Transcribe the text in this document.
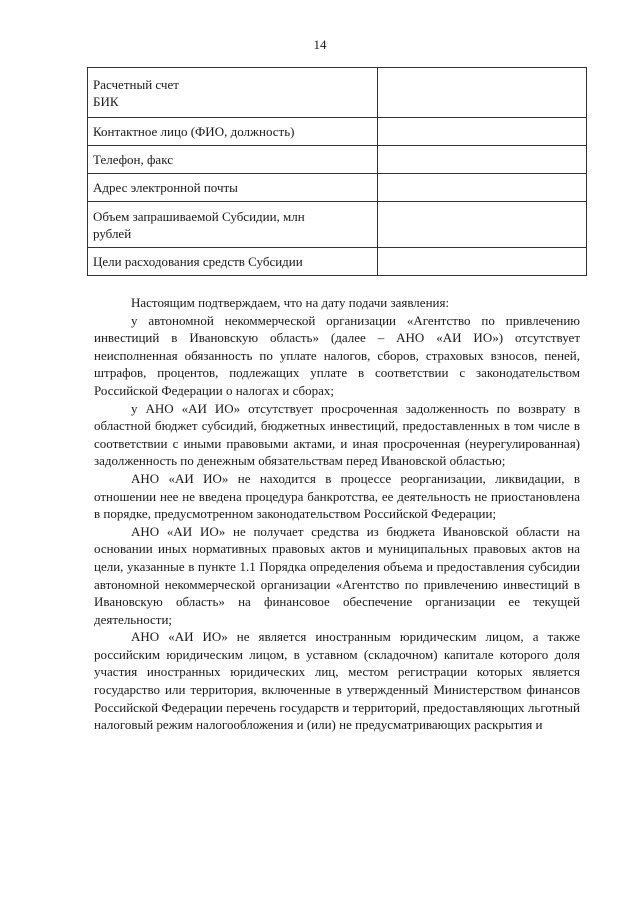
14
Расчетный счет
БИК	

Контактное лицо (ФИО, должность)	

Телефон, факс	

Адрес электронной почты	

Объем запрашиваемой Субсидии, млн
рублей	

Цели расходования средств Субсидии	

Настоящим подтверждаем, что на дату подачи заявления:

у автономной некоммерческой организации «Агентство по привлечению инвестиций в Ивановскую область» (далее – АНО «АИ ИО») отсутствует неисполненная обязанность по уплате налогов, сборов, страховых взносов, пеней, штрафов, процентов, подлежащих уплате в соответствии с законодательством Российской Федерации о налогах и сборах;

у АНО «АИ ИО» отсутствует просроченная задолженность по возврату в областной бюджет субсидий, бюджетных инвестиций, предоставленных в том числе в соответствии с иными правовыми актами, и иная просроченная (неурегулированная) задолженность по денежным обязательствам перед Ивановской областью;

АНО «АИ ИО» не находится в процессе реорганизации, ликвидации, в отношении нее не введена процедура банкротства, ее деятельность не приостановлена в порядке, предусмотренном законодательством Российской Федерации;

АНО «АИ ИО» не получает средства из бюджета Ивановской области на основании иных нормативных правовых актов и муниципальных правовых актов на цели, указанные в пункте 1.1 Порядка определения объема и предоставления субсидии автономной некоммерческой организации «Агентство по привлечению инвестиций в Ивановскую область» на финансовое обеспечение организации ее текущей деятельности;

АНО «АИ ИО» не является иностранным юридическим лицом, а также российским юридическим лицом, в уставном (складочном) капитале которого доля участия иностранных юридических лиц, местом регистрации которых является государство или территория, включенные в утвержденный Министерством финансов Российской Федерации перечень государств и территорий, предоставляющих льготный налоговый режим налогообложения и (или) не предусматривающих раскрытия и
